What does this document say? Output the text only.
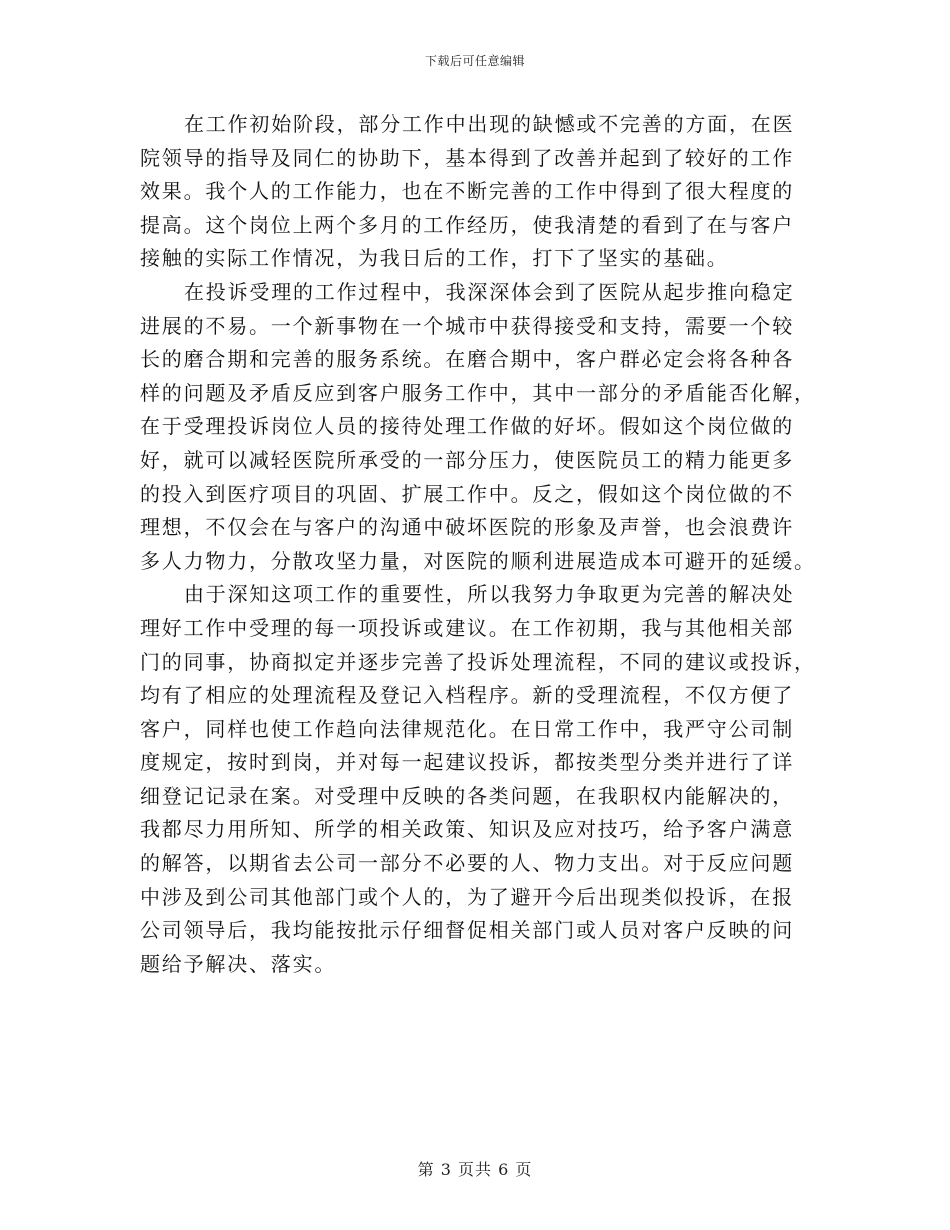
下载后可任意编辑

在工作初始阶段，部分工作中出现的缺憾或不完善的方面，在医
院领导的指导及同仁的协助下，基本得到了改善并起到了较好的工作
效果。我个人的工作能力，也在不断完善的工作中得到了很大程度的
提高。这个岗位上两个多月的工作经历，使我清楚的看到了在与客户
接触的实际工作情况，为我日后的工作，打下了坚实的基础。

在投诉受理的工作过程中，我深深体会到了医院从起步推向稳定
进展的不易。一个新事物在一个城市中获得接受和支持，需要一个较
长的磨合期和完善的服务系统。在磨合期中，客户群必定会将各种各
样的问题及矛盾反应到客户服务工作中，其中一部分的矛盾能否化解，
在于受理投诉岗位人员的接待处理工作做的好坏。假如这个岗位做的
好，就可以减轻医院所承受的一部分压力，使医院员工的精力能更多
的投入到医疗项目的巩固、扩展工作中。反之，假如这个岗位做的不
理想，不仅会在与客户的沟通中破坏医院的形象及声誉，也会浪费许
多人力物力，分散攻坚力量，对医院的顺利进展造成本可避开的延缓。

由于深知这项工作的重要性，所以我努力争取更为完善的解决处
理好工作中受理的每一项投诉或建议。在工作初期，我与其他相关部
门的同事，协商拟定并逐步完善了投诉处理流程，不同的建议或投诉，
均有了相应的处理流程及登记入档程序。新的受理流程，不仅方便了
客户，同样也使工作趋向法律规范化。在日常工作中，我严守公司制
度规定，按时到岗，并对每一起建议投诉，都按类型分类并进行了详
细登记记录在案。对受理中反映的各类问题，在我职权内能解决的，
我都尽力用所知、所学的相关政策、知识及应对技巧，给予客户满意
的解答，以期省去公司一部分不必要的人、物力支出。对于反应问题
中涉及到公司其他部门或个人的，为了避开今后出现类似投诉，在报
公司领导后，我均能按批示仔细督促相关部门或人员对客户反映的问
题给予解决、落实。

第 3 页共 6 页
